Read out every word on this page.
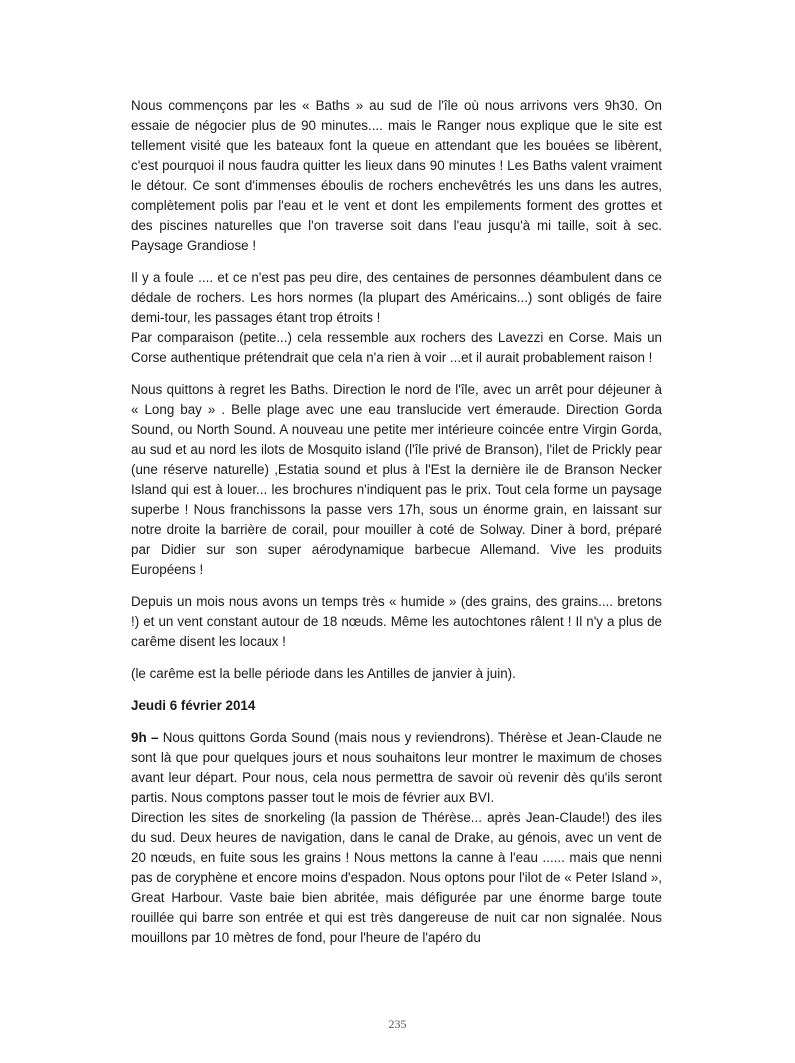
Nous commençons par les « Baths » au sud de l'île où nous arrivons vers 9h30. On essaie de négocier plus de 90 minutes.... mais le Ranger nous explique que le site est tellement visité que les bateaux font la queue en attendant que les bouées se libèrent, c'est pourquoi il nous faudra quitter les lieux dans 90 minutes ! Les Baths valent vraiment le détour. Ce sont d'immenses éboulis de rochers enchevêtrés les uns dans les autres, complètement polis par l'eau et le vent et dont les empilements forment des grottes et des piscines naturelles que l'on traverse soit dans l'eau jusqu'à mi taille, soit à sec. Paysage Grandiose !

Il y a foule .... et ce n'est pas peu dire, des centaines de personnes déambulent dans ce dédale de rochers. Les hors normes (la plupart des Américains...) sont obligés de faire demi-tour, les passages étant trop étroits !
Par comparaison (petite...) cela ressemble aux rochers des Lavezzi en Corse. Mais un Corse authentique prétendrait que cela n'a rien à voir ...et il aurait probablement raison !

Nous quittons à regret les Baths. Direction le nord de l'île, avec un arrêt pour déjeuner à « Long bay » . Belle plage avec une eau translucide vert émeraude. Direction Gorda Sound, ou North Sound. A nouveau une petite mer intérieure coincée entre Virgin Gorda, au sud et au nord les ilots de Mosquito island (l'île privé de Branson), l'ilet de Prickly pear (une réserve naturelle) ,Estatia sound et plus à l'Est la dernière ile de Branson Necker Island qui est à louer... les brochures n'indiquent pas le prix. Tout cela forme un paysage superbe ! Nous franchissons la passe vers 17h, sous un énorme grain, en laissant sur notre droite la barrière de corail, pour mouiller à coté de Solway. Diner à bord, préparé par Didier sur son super aérodynamique barbecue Allemand. Vive les produits Européens !

Depuis un mois nous avons un temps très « humide » (des grains, des grains.... bretons !) et un vent constant autour de 18 nœuds. Même les autochtones râlent ! Il n'y a plus de carême disent les locaux !

(le carême est la belle période dans les Antilles de janvier à juin).

Jeudi 6 février 2014

9h – Nous quittons Gorda Sound (mais nous y reviendrons). Thérèse et Jean-Claude ne sont là que pour quelques jours et nous souhaitons leur montrer le maximum de choses avant leur départ. Pour nous, cela nous permettra de savoir où revenir dès qu'ils seront partis. Nous comptons passer tout le mois de février aux BVI.
Direction les sites de snorkeling (la passion de Thérèse... après Jean-Claude!) des iles du sud. Deux heures de navigation, dans le canal de Drake, au génois, avec un vent de 20 nœuds, en fuite sous les grains ! Nous mettons la canne à l'eau ...... mais que nenni pas de coryphène et encore moins d'espadon. Nous optons pour l'ilot de « Peter Island », Great Harbour. Vaste baie bien abritée, mais défigurée par une énorme barge toute rouillée qui barre son entrée et qui est très dangereuse de nuit car non signalée. Nous mouillons par 10 mètres de fond, pour l'heure de l'apéro du
235
